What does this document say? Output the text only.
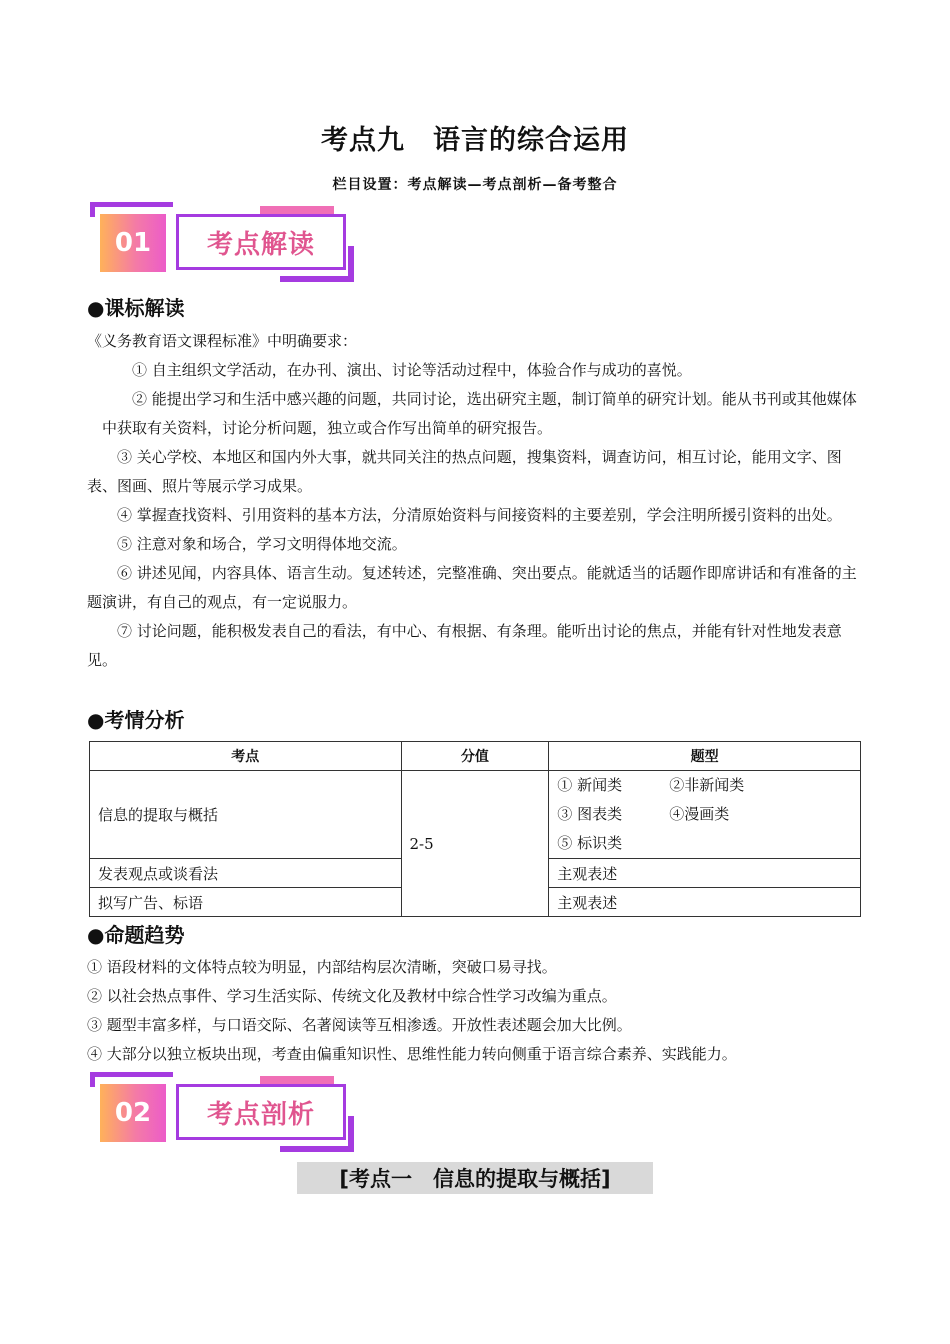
考点九　语言的综合运用
栏目设置：考点解读—考点剖析—备考整合
01	考点解读
●课标解读
《义务教育语文课程标准》中明确要求：
① 自主组织文学活动，在办刊、演出、讨论等活动过程中，体验合作与成功的喜悦。
② 能提出学习和生活中感兴趣的问题，共同讨论，选出研究主题，制订简单的研究计划。能从书刊或其他媒体中获取有关资料，讨论分析问题，独立或合作写出简单的研究报告。
③ 关心学校、本地区和国内外大事，就共同关注的热点问题，搜集资料，调查访问，相互讨论，能用文字、图表、图画、照片等展示学习成果。
④ 掌握查找资料、引用资料的基本方法，分清原始资料与间接资料的主要差别，学会注明所援引资料的出处。
⑤ 注意对象和场合，学习文明得体地交流。
⑥ 讲述见闻，内容具体、语言生动。复述转述，完整准确、突出要点。能就适当的话题作即席讲话和有准备的主题演讲，有自己的观点，有一定说服力。
⑦ 讨论问题，能积极发表自己的看法，有中心、有根据、有条理。能听出讨论的焦点，并能有针对性地发表意见。
●考情分析
考点	分值	题型
信息的提取与概括	2-5	① 新闻类 ②非新闻类
③ 图表类 ④漫画类
⑤ 标识类

发表观点或谈看法		主观表述
拟写广告、标语		主观表述
●命题趋势
① 语段材料的文体特点较为明显，内部结构层次清晰，突破口易寻找。
② 以社会热点事件、学习生活实际、传统文化及教材中综合性学习改编为重点。
③ 题型丰富多样，与口语交际、名著阅读等互相渗透。开放性表述题会加大比例。
④ 大部分以独立板块出现，考查由偏重知识性、思维性能力转向侧重于语言综合素养、实践能力。
02	考点剖析
[考点一　信息的提取与概括]
